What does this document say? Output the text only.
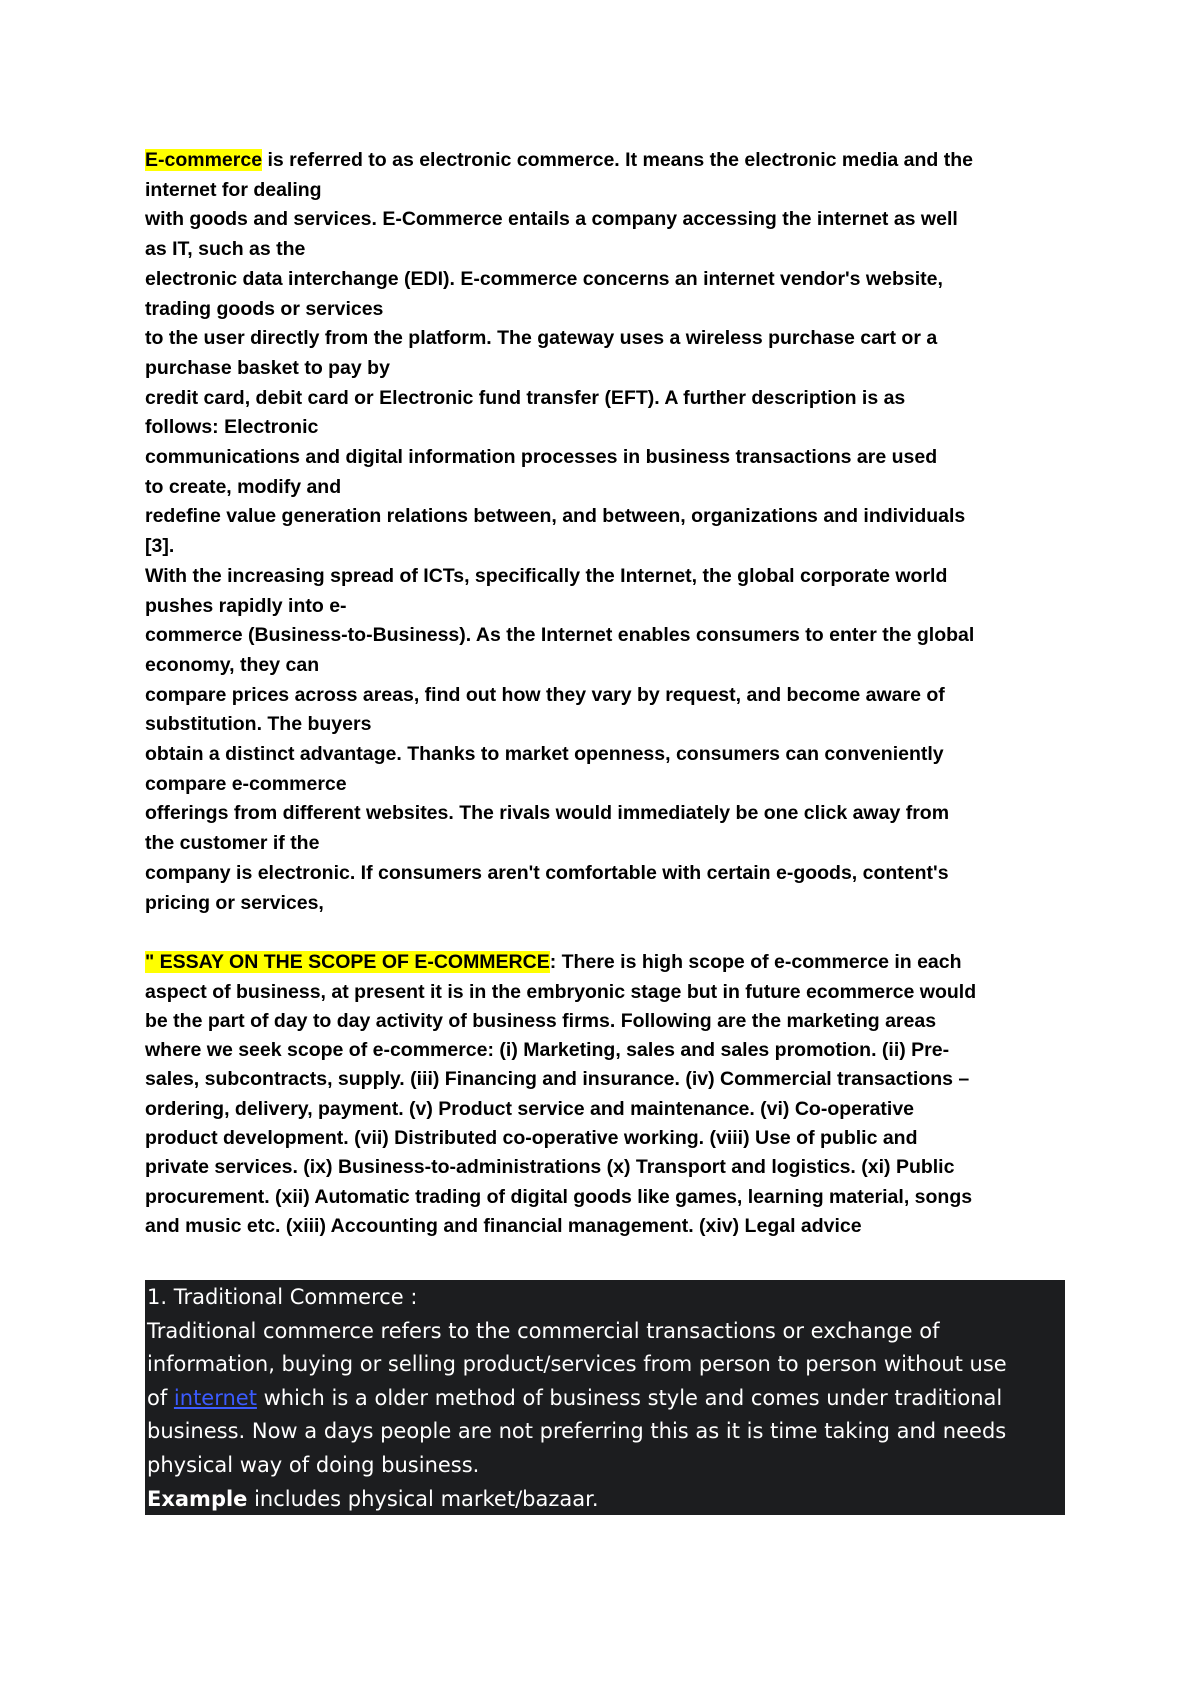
E-commerce is referred to as electronic commerce. It means the electronic media and the
internet for dealing
with goods and services. E-Commerce entails a company accessing the internet as well
as IT, such as the
electronic data interchange (EDI). E-commerce concerns an internet vendor's website,
trading goods or services
to the user directly from the platform. The gateway uses a wireless purchase cart or a
purchase basket to pay by
credit card, debit card or Electronic fund transfer (EFT). A further description is as
follows: Electronic
communications and digital information processes in business transactions are used
to create, modify and
redefine value generation relations between, and between, organizations and individuals
[3].
With the increasing spread of ICTs, specifically the Internet, the global corporate world
pushes rapidly into e-
commerce (Business-to-Business). As the Internet enables consumers to enter the global
economy, they can
compare prices across areas, find out how they vary by request, and become aware of
substitution. The buyers
obtain a distinct advantage. Thanks to market openness, consumers can conveniently
compare e-commerce
offerings from different websites. The rivals would immediately be one click away from
the customer if the
company is electronic. If consumers aren't comfortable with certain e-goods, content's
pricing or services,
" ESSAY ON THE SCOPE OF E-COMMERCE: There is high scope of e-commerce in each
aspect of business, at present it is in the embryonic stage but in future ecommerce would
be the part of day to day activity of business firms. Following are the marketing areas
where we seek scope of e-commerce: (i) Marketing, sales and sales promotion. (ii) Pre-
sales, subcontracts, supply. (iii) Financing and insurance. (iv) Commercial transactions –
ordering, delivery, payment. (v) Product service and maintenance. (vi) Co-operative
product development. (vii) Distributed co-operative working. (viii) Use of public and
private services. (ix) Business-to-administrations (x) Transport and logistics. (xi) Public
procurement. (xii) Automatic trading of digital goods like games, learning material, songs
and music etc. (xiii) Accounting and financial management. (xiv) Legal advice
1. Traditional Commerce :
Traditional commerce refers to the commercial transactions or exchange of
information, buying or selling product/services from person to person without use
of internet which is a older method of business style and comes under traditional
business. Now a days people are not preferring this as it is time taking and needs
physical way of doing business.
Example includes physical market/bazaar.
